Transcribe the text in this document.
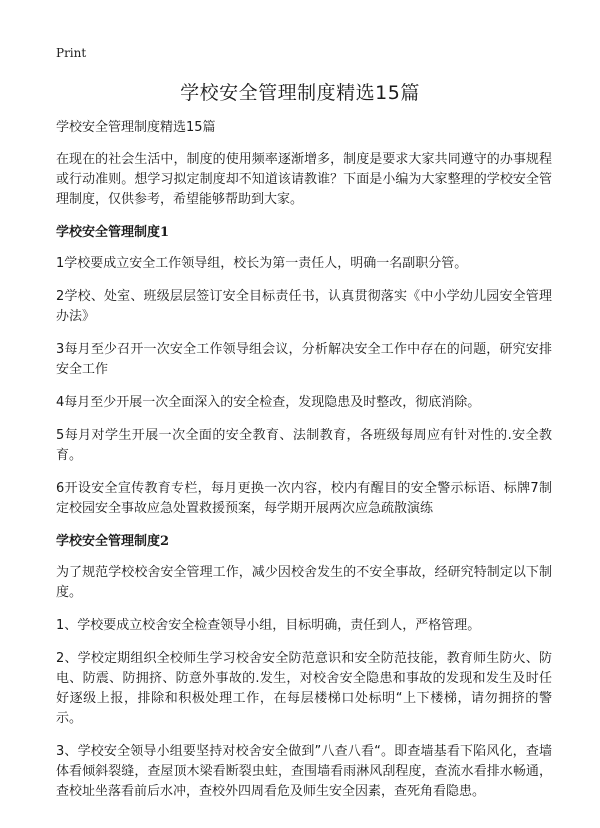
Print
学校安全管理制度精选15篇

学校安全管理制度精选15篇

在现在的社会生活中，制度的使用频率逐渐增多，制度是要求大家共同遵守的办事规程或行动准则。想学习拟定制度却不知道该请教谁？下面是小编为大家整理的学校安全管理制度，仅供参考，希望能够帮助到大家。

学校安全管理制度1

1学校要成立安全工作领导组，校长为第一责任人，明确一名副职分管。

2学校、处室、班级层层签订安全目标责任书，认真贯彻落实《中小学幼儿园安全管理办法》

3每月至少召开一次安全工作领导组会议，分析解决安全工作中存在的问题，研究安排安全工作

4每月至少开展一次全面深入的安全检查，发现隐患及时整改，彻底消除。

5每月对学生开展一次全面的安全教育、法制教育，各班级每周应有针对性的.安全教育。

6开设安全宣传教育专栏，每月更换一次内容，校内有醒目的安全警示标语、标牌7制定校园安全事故应急处置救援预案，每学期开展两次应急疏散演练

学校安全管理制度2

为了规范学校校舍安全管理工作，减少因校舍发生的不安全事故，经研究特制定以下制度。

1、学校要成立校舍安全检查领导小组，目标明确，责任到人，严格管理。

2、学校定期组织全校师生学习校舍安全防范意识和安全防范技能，教育师生防火、防电、防震、防拥挤、防意外事故的.发生，对校舍安全隐患和事故的发现和发生及时任好逐级上报，排除和积极处理工作，在每层楼梯口处标明“上下楼梯，请勿拥挤的警示。

3、学校安全领导小组要坚持对校舍安全做到”八查八看“。即查墙基看下陷风化，查墙体看倾斜裂缝，查屋顶木梁看断裂虫蛀，查围墙看雨淋风刮程度，查流水看排水畅通，查校址坐落看前后水冲，查校外四周看危及师生安全因素，查死角看隐患。
